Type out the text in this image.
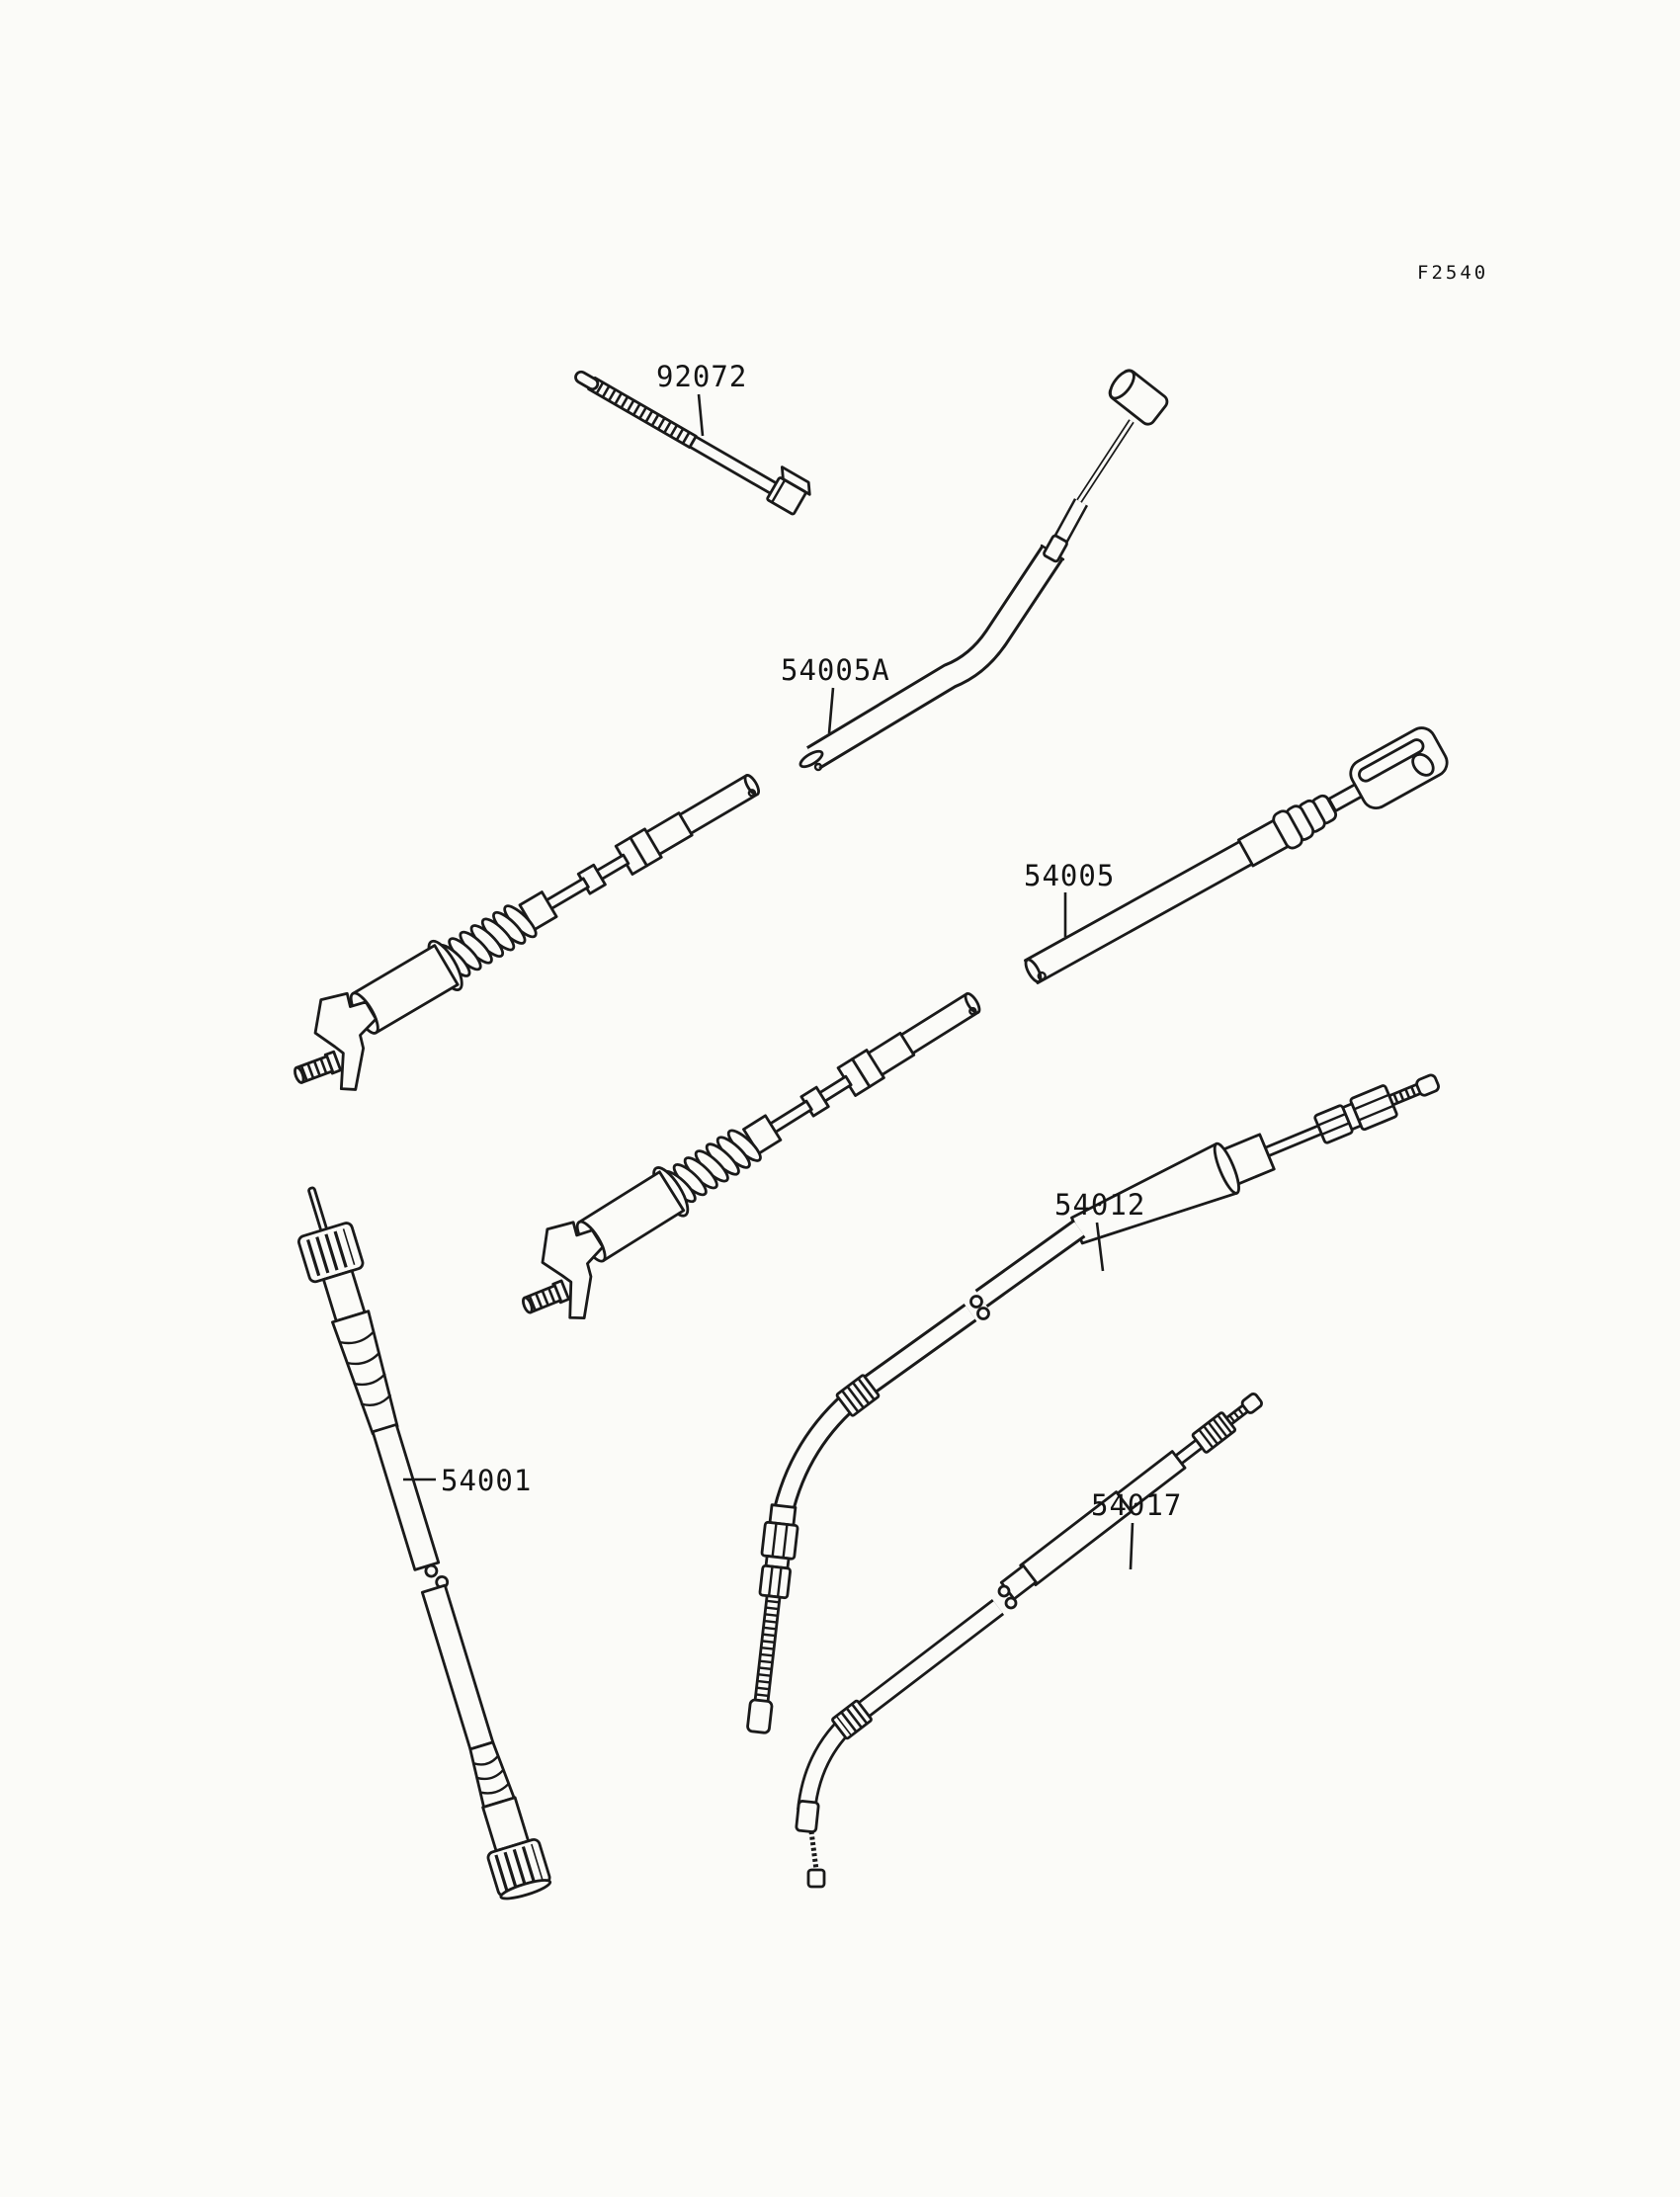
92072
54005A
54005
54001
54012
54017
F2540
